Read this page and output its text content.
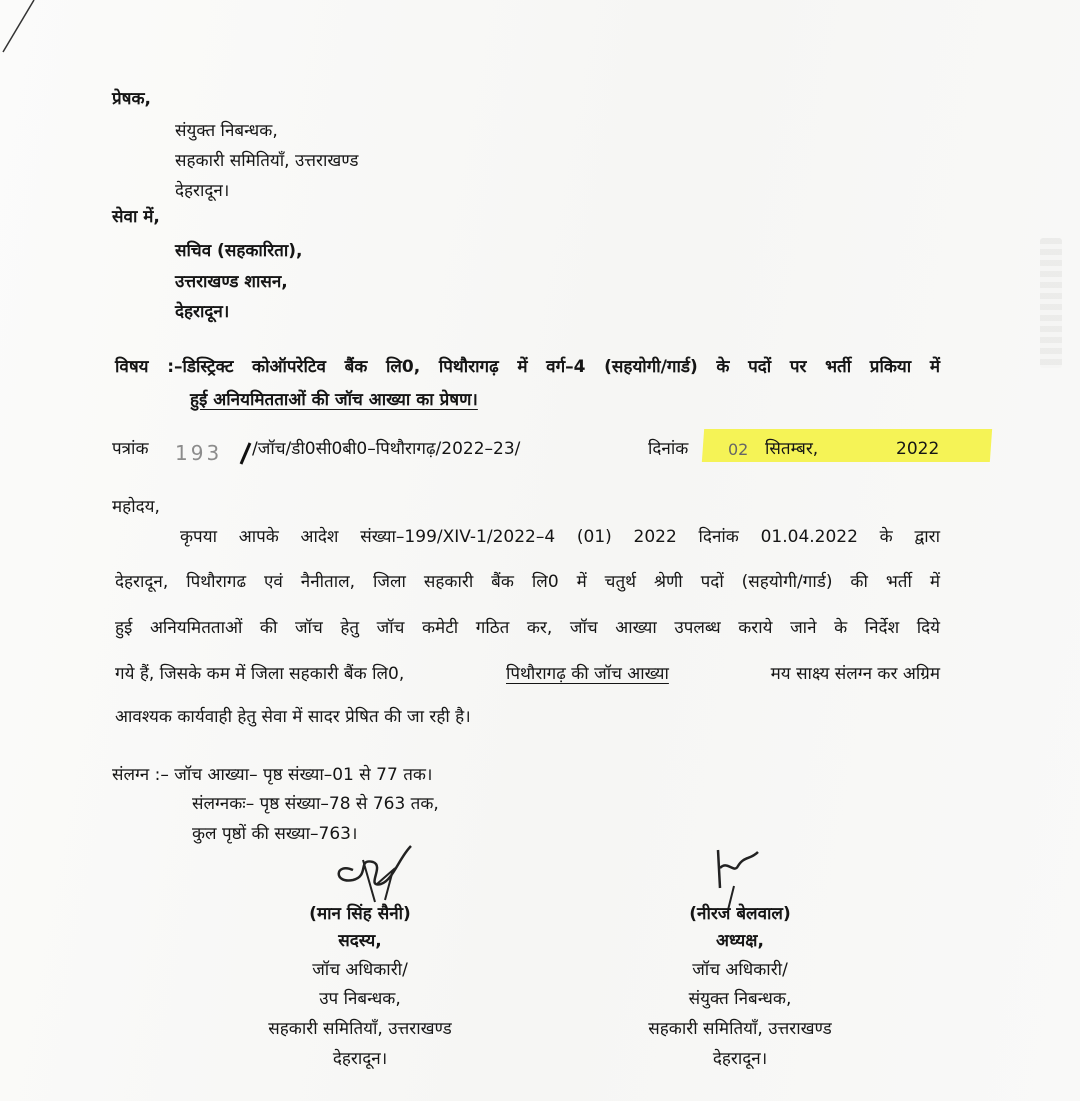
प्रेषक,
संयुक्त निबन्धक,
सहकारी समितियॉं, उत्तराखण्ड
देहरादून।
सेवा में,
सचिव (सहकारिता),
उत्तराखण्ड शासन,
देहरादून।
विषय :–डिस्ट्रिक्ट कोऑपरेटिव बैंक लि0, पिथौरागढ़ में वर्ग–4 (सहयोगी/गार्ड) के पदों पर भर्ती प्रकिया में
हुई अनियमितताओं की जॉच आख्या का प्रेषण।
पत्रांक 193 /जॉच/डी0सी0बी0–पिथौरागढ़/2022–23/	दिनांक 02 सितम्बर,	2022
महोदय,
कृपया आपके आदेश संख्या–199/XIV-1/2022–4 (01) 2022 दिनांक 01.04.2022 के द्वारा
देहरादून, पिथौरागढ एवं नैनीताल, जिला सहकारी बैंक लि0 में चतुर्थ श्रेणी पदों (सहयोगी/गार्ड) की भर्ती में
हुई अनियमितताओं की जॉच हेतु जॉच कमेटी गठित कर, जॉच आख्या उपलब्ध कराये जाने के निर्देश दिये
गये हैं, जिसके कम में जिला सहकारी बैंक लि0,	पिथौरागढ़ की जॉच आख्या	मय साक्ष्य संलग्न कर अग्रिम
आवश्यक कार्यवाही हेतु सेवा में सादर प्रेषित की जा रही है।
संलग्न :– जॉच आख्या– पृष्ठ संख्या–01 से 77 तक।
संलग्नकः– पृष्ठ संख्या–78 से 763 तक,
कुल पृष्ठों की सख्या–763।
(मान सिंह सैनी)
सदस्य,
जॉच अधिकारी/
उप निबन्धक,
सहकारी समितियॉं, उत्तराखण्ड
देहरादून।
(नीरज बेलवाल)
अध्यक्ष,
जॉच अधिकारी/
संयुक्त निबन्धक,
सहकारी समितियॉं, उत्तराखण्ड
देहरादून।
